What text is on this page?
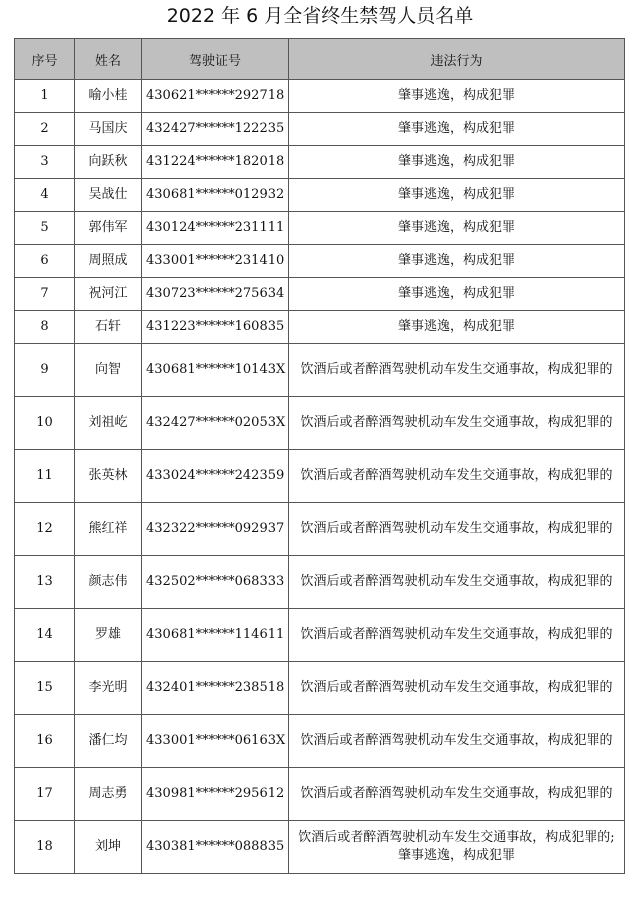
2022 年 6 月全省终生禁驾人员名单
序号	姓名	驾驶证号	违法行为
1	喻小桂	430621******292718	肇事逃逸，构成犯罪
2	马国庆	432427******122235	肇事逃逸，构成犯罪
3	向跃秋	431224******182018	肇事逃逸，构成犯罪
4	吴战仕	430681******012932	肇事逃逸，构成犯罪
5	郭伟军	430124******231111	肇事逃逸，构成犯罪
6	周照成	433001******231410	肇事逃逸，构成犯罪
7	祝河江	430723******275634	肇事逃逸，构成犯罪
8	石轩	431223******160835	肇事逃逸，构成犯罪
9	向智	430681******10143X	饮酒后或者醉酒驾驶机动车发生交通事故，构成犯罪的
10	刘祖屹	432427******02053X	饮酒后或者醉酒驾驶机动车发生交通事故，构成犯罪的
11	张英林	433024******242359	饮酒后或者醉酒驾驶机动车发生交通事故，构成犯罪的
12	熊红祥	432322******092937	饮酒后或者醉酒驾驶机动车发生交通事故，构成犯罪的
13	颜志伟	432502******068333	饮酒后或者醉酒驾驶机动车发生交通事故，构成犯罪的
14	罗雄	430681******114611	饮酒后或者醉酒驾驶机动车发生交通事故，构成犯罪的
15	李光明	432401******238518	饮酒后或者醉酒驾驶机动车发生交通事故，构成犯罪的
16	潘仁均	433001******06163X	饮酒后或者醉酒驾驶机动车发生交通事故，构成犯罪的
17	周志勇	430981******295612	饮酒后或者醉酒驾驶机动车发生交通事故，构成犯罪的
18	刘坤	430381******088835	饮酒后或者醉酒驾驶机动车发生交通事故，构成犯罪的;肇事逃逸，构成犯罪
